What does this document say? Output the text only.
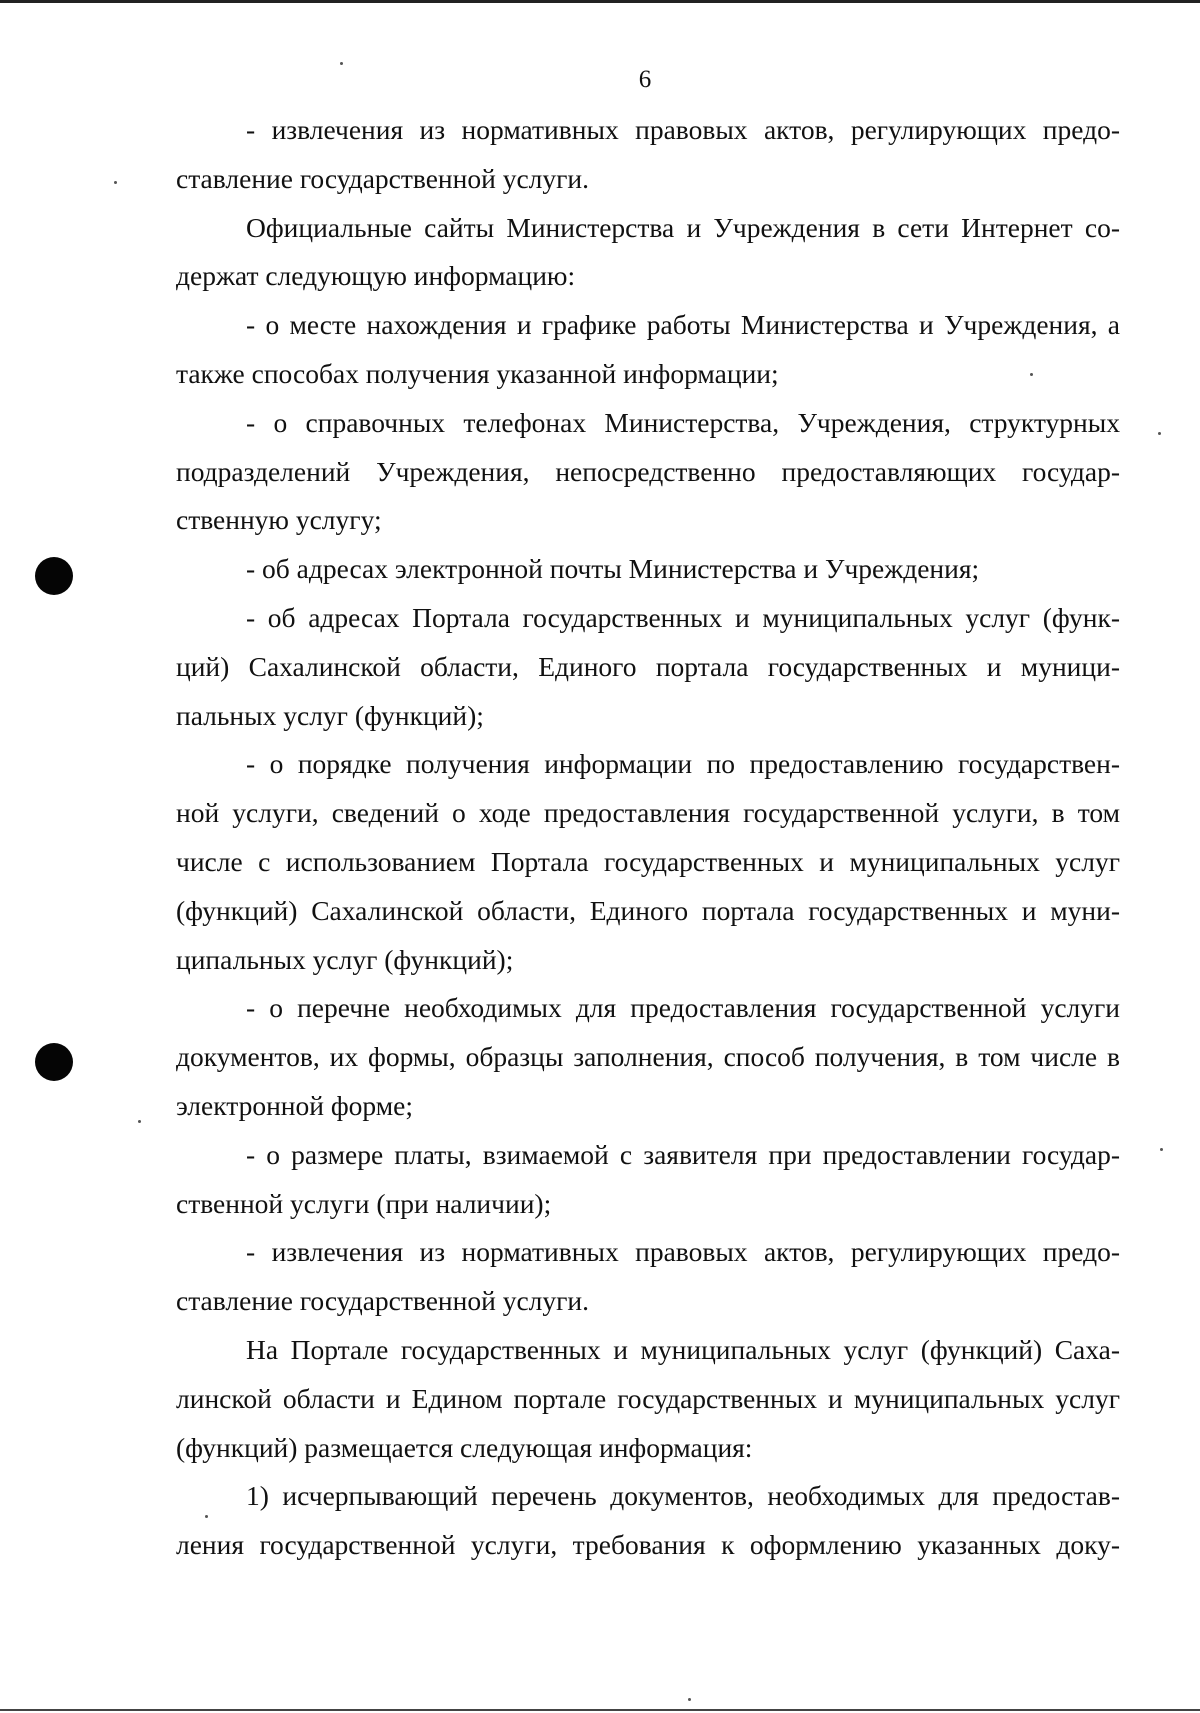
6
- извлечения из нормативных правовых актов, регулирующих предо-
ставление государственной услуги.
Официальные сайты Министерства и Учреждения в сети Интернет со-
держат следующую информацию:
- о месте нахождения и графике работы Министерства и Учреждения, а
также способах получения указанной информации;
- о справочных телефонах Министерства, Учреждения, структурных
подразделений Учреждения, непосредственно предоставляющих государ-
ственную услугу;
- об адресах электронной почты Министерства и Учреждения;
- об адресах Портала государственных и муниципальных услуг (функ-
ций) Сахалинской области, Единого портала государственных и муници-
пальных услуг (функций);
- о порядке получения информации по предоставлению государствен-
ной услуги, сведений о ходе предоставления государственной услуги, в том
числе с использованием Портала государственных и муниципальных услуг
(функций) Сахалинской области, Единого портала государственных и муни-
ципальных услуг (функций);
- о перечне необходимых для предоставления государственной услуги
документов, их формы, образцы заполнения, способ получения, в том числе в
электронной форме;
- о размере платы, взимаемой с заявителя при предоставлении государ-
ственной услуги (при наличии);
- извлечения из нормативных правовых актов, регулирующих предо-
ставление государственной услуги.
На Портале государственных и муниципальных услуг (функций) Саха-
линской области и Едином портале государственных и муниципальных услуг
(функций) размещается следующая информация:
1) исчерпывающий перечень документов, необходимых для предостав-
ления государственной услуги, требования к оформлению указанных доку-
